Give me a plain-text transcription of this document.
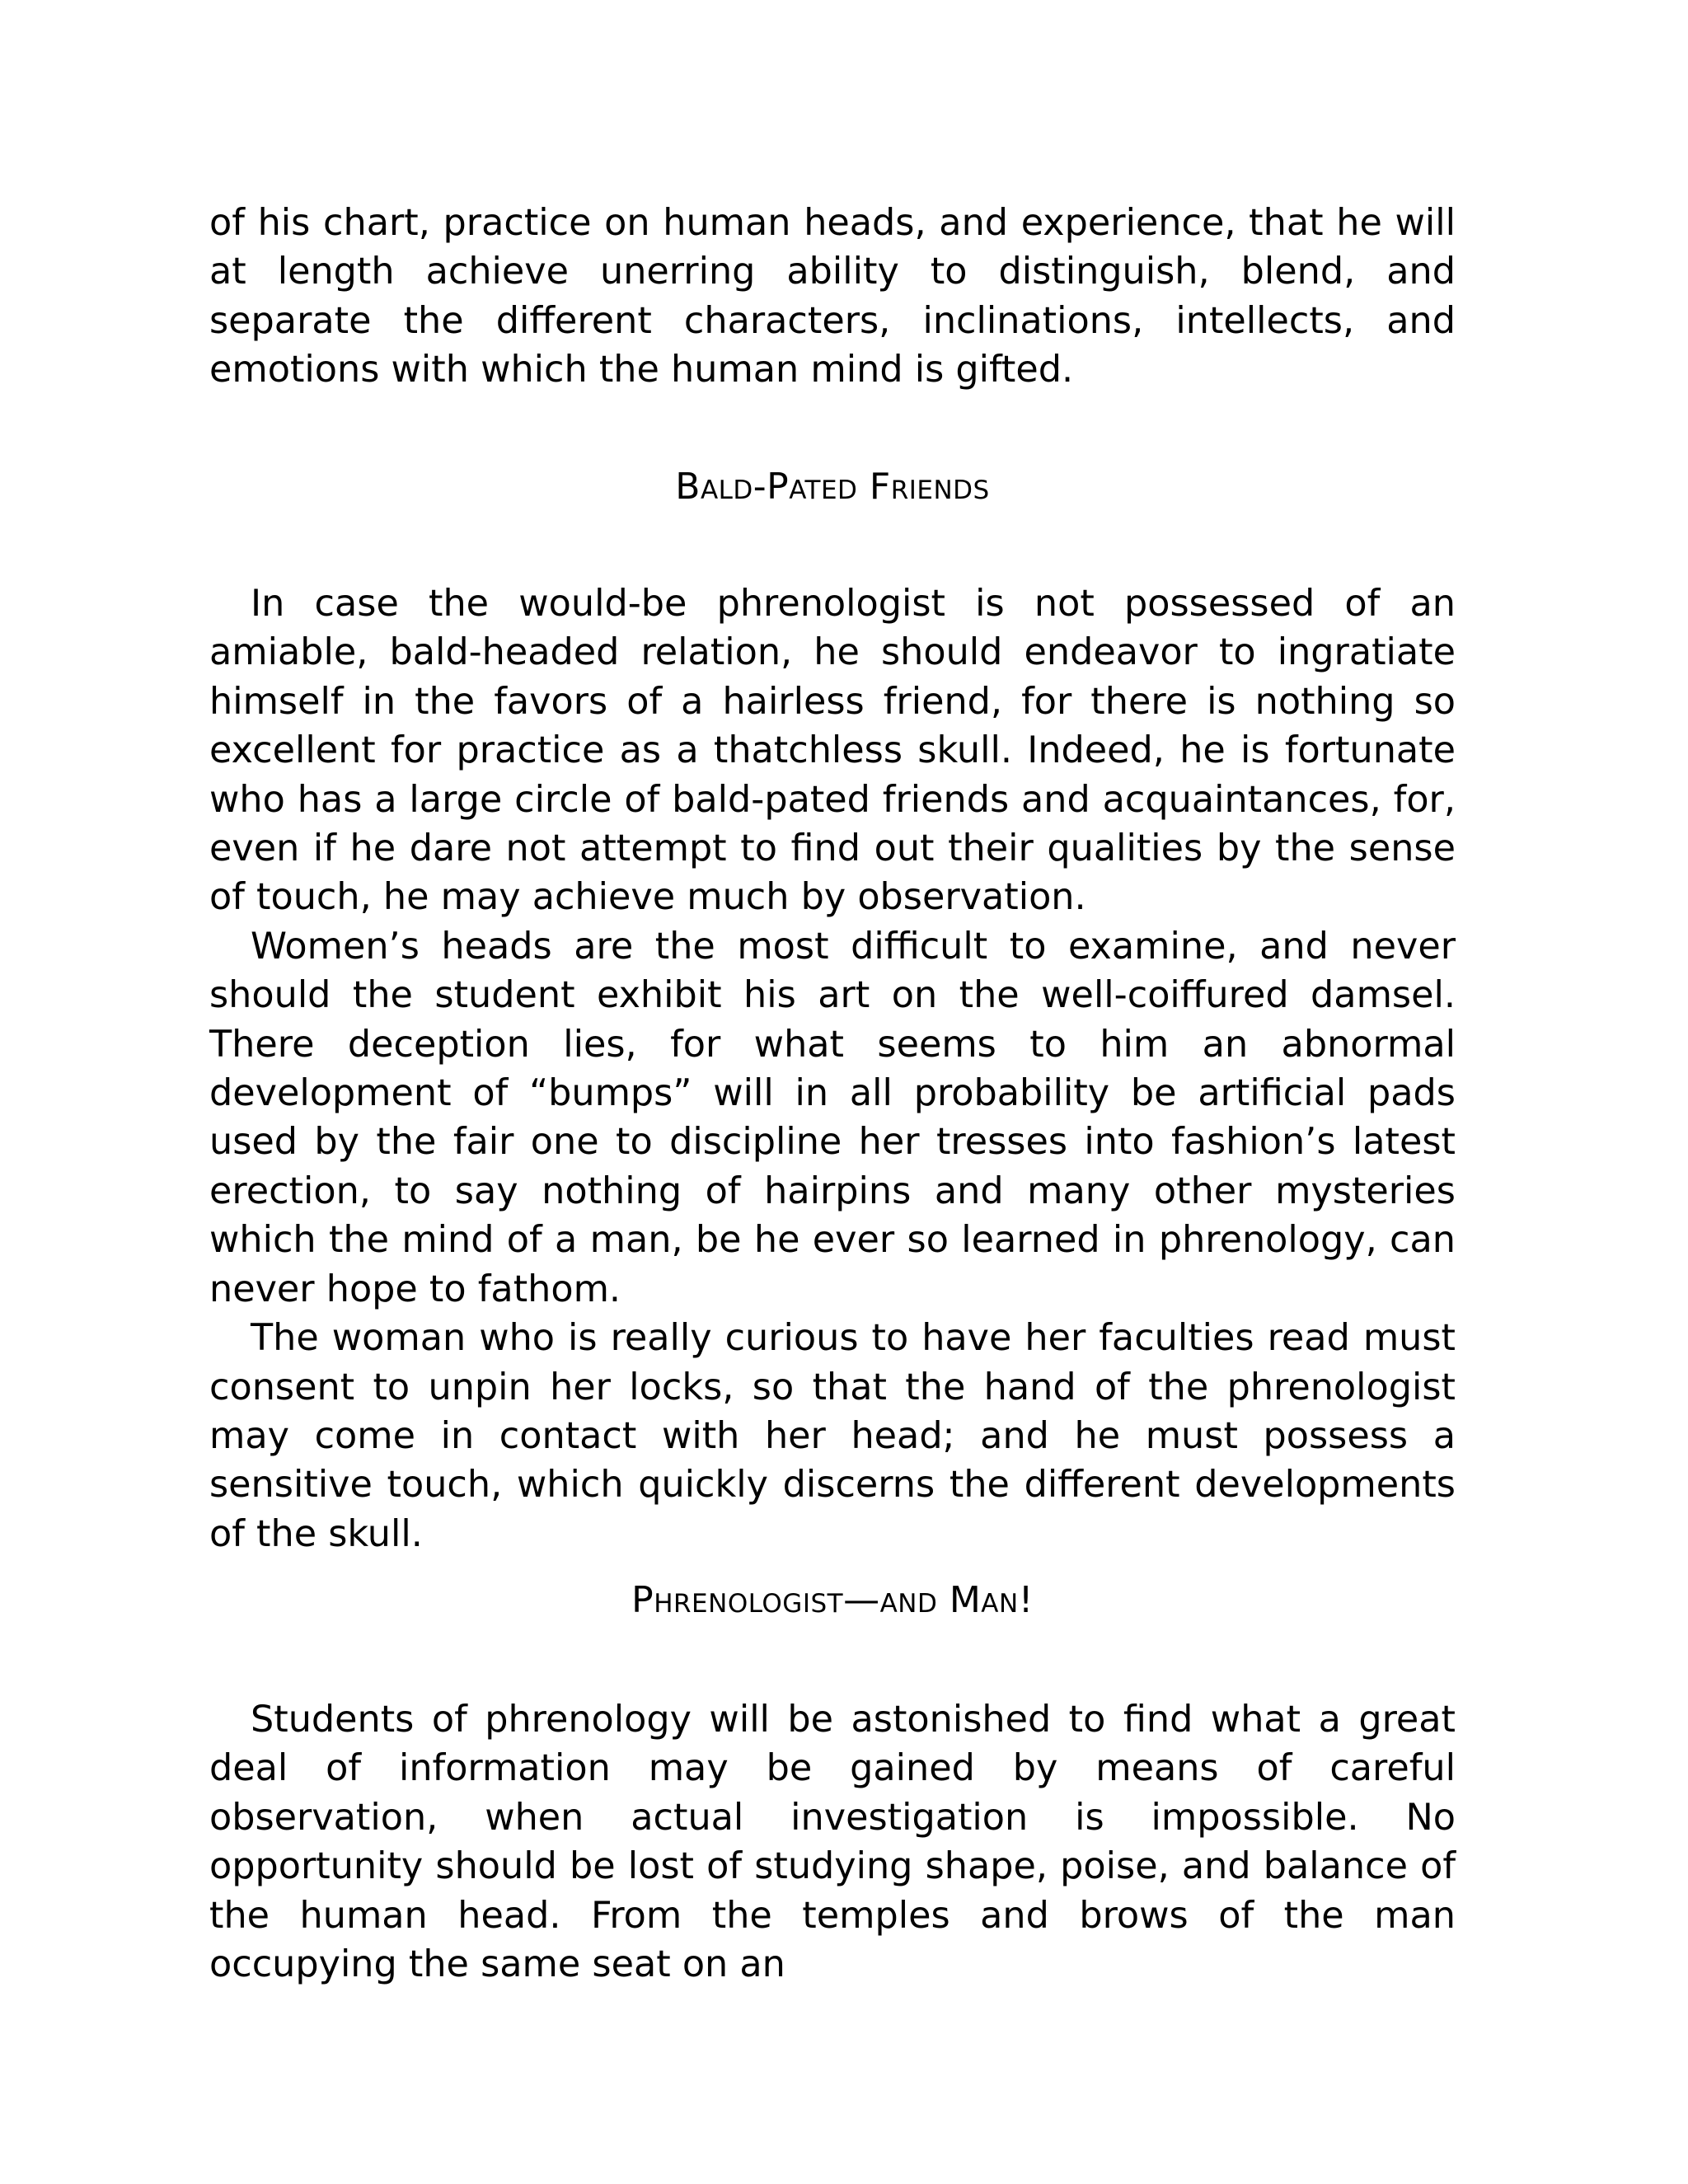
of his chart, practice on human heads, and experience, that he will at length achieve unerring ability to distinguish, blend, and separate the different characters, inclinations, intellects, and emotions with which the human mind is gifted.

Bald-Pated Friends

In case the would-be phrenologist is not possessed of an amiable, bald-headed relation, he should endeavor to ingratiate himself in the favors of a hairless friend, for there is nothing so excellent for practice as a thatchless skull. Indeed, he is fortunate who has a large circle of bald-pated friends and acquaintances, for, even if he dare not attempt to find out their qualities by the sense of touch, he may achieve much by observation.

Women’s heads are the most difficult to examine, and never should the student exhibit his art on the well-coiffured damsel. There deception lies, for what seems to him an abnormal development of “bumps” will in all probability be artificial pads used by the fair one to discipline her tresses into fashion’s latest erection, to say nothing of hairpins and many other mysteries which the mind of a man, be he ever so learned in phrenology, can never hope to fathom.

The woman who is really curious to have her faculties read must consent to unpin her locks, so that the hand of the phrenologist may come in contact with her head; and he must possess a sensitive touch, which quickly discerns the different developments of the skull.

Phrenologist—and Man!

Students of phrenology will be astonished to find what a great deal of information may be gained by means of careful observation, when actual investigation is impossible. No opportunity should be lost of studying shape, poise, and balance of the human head. From the temples and brows of the man occupying the same seat on an
